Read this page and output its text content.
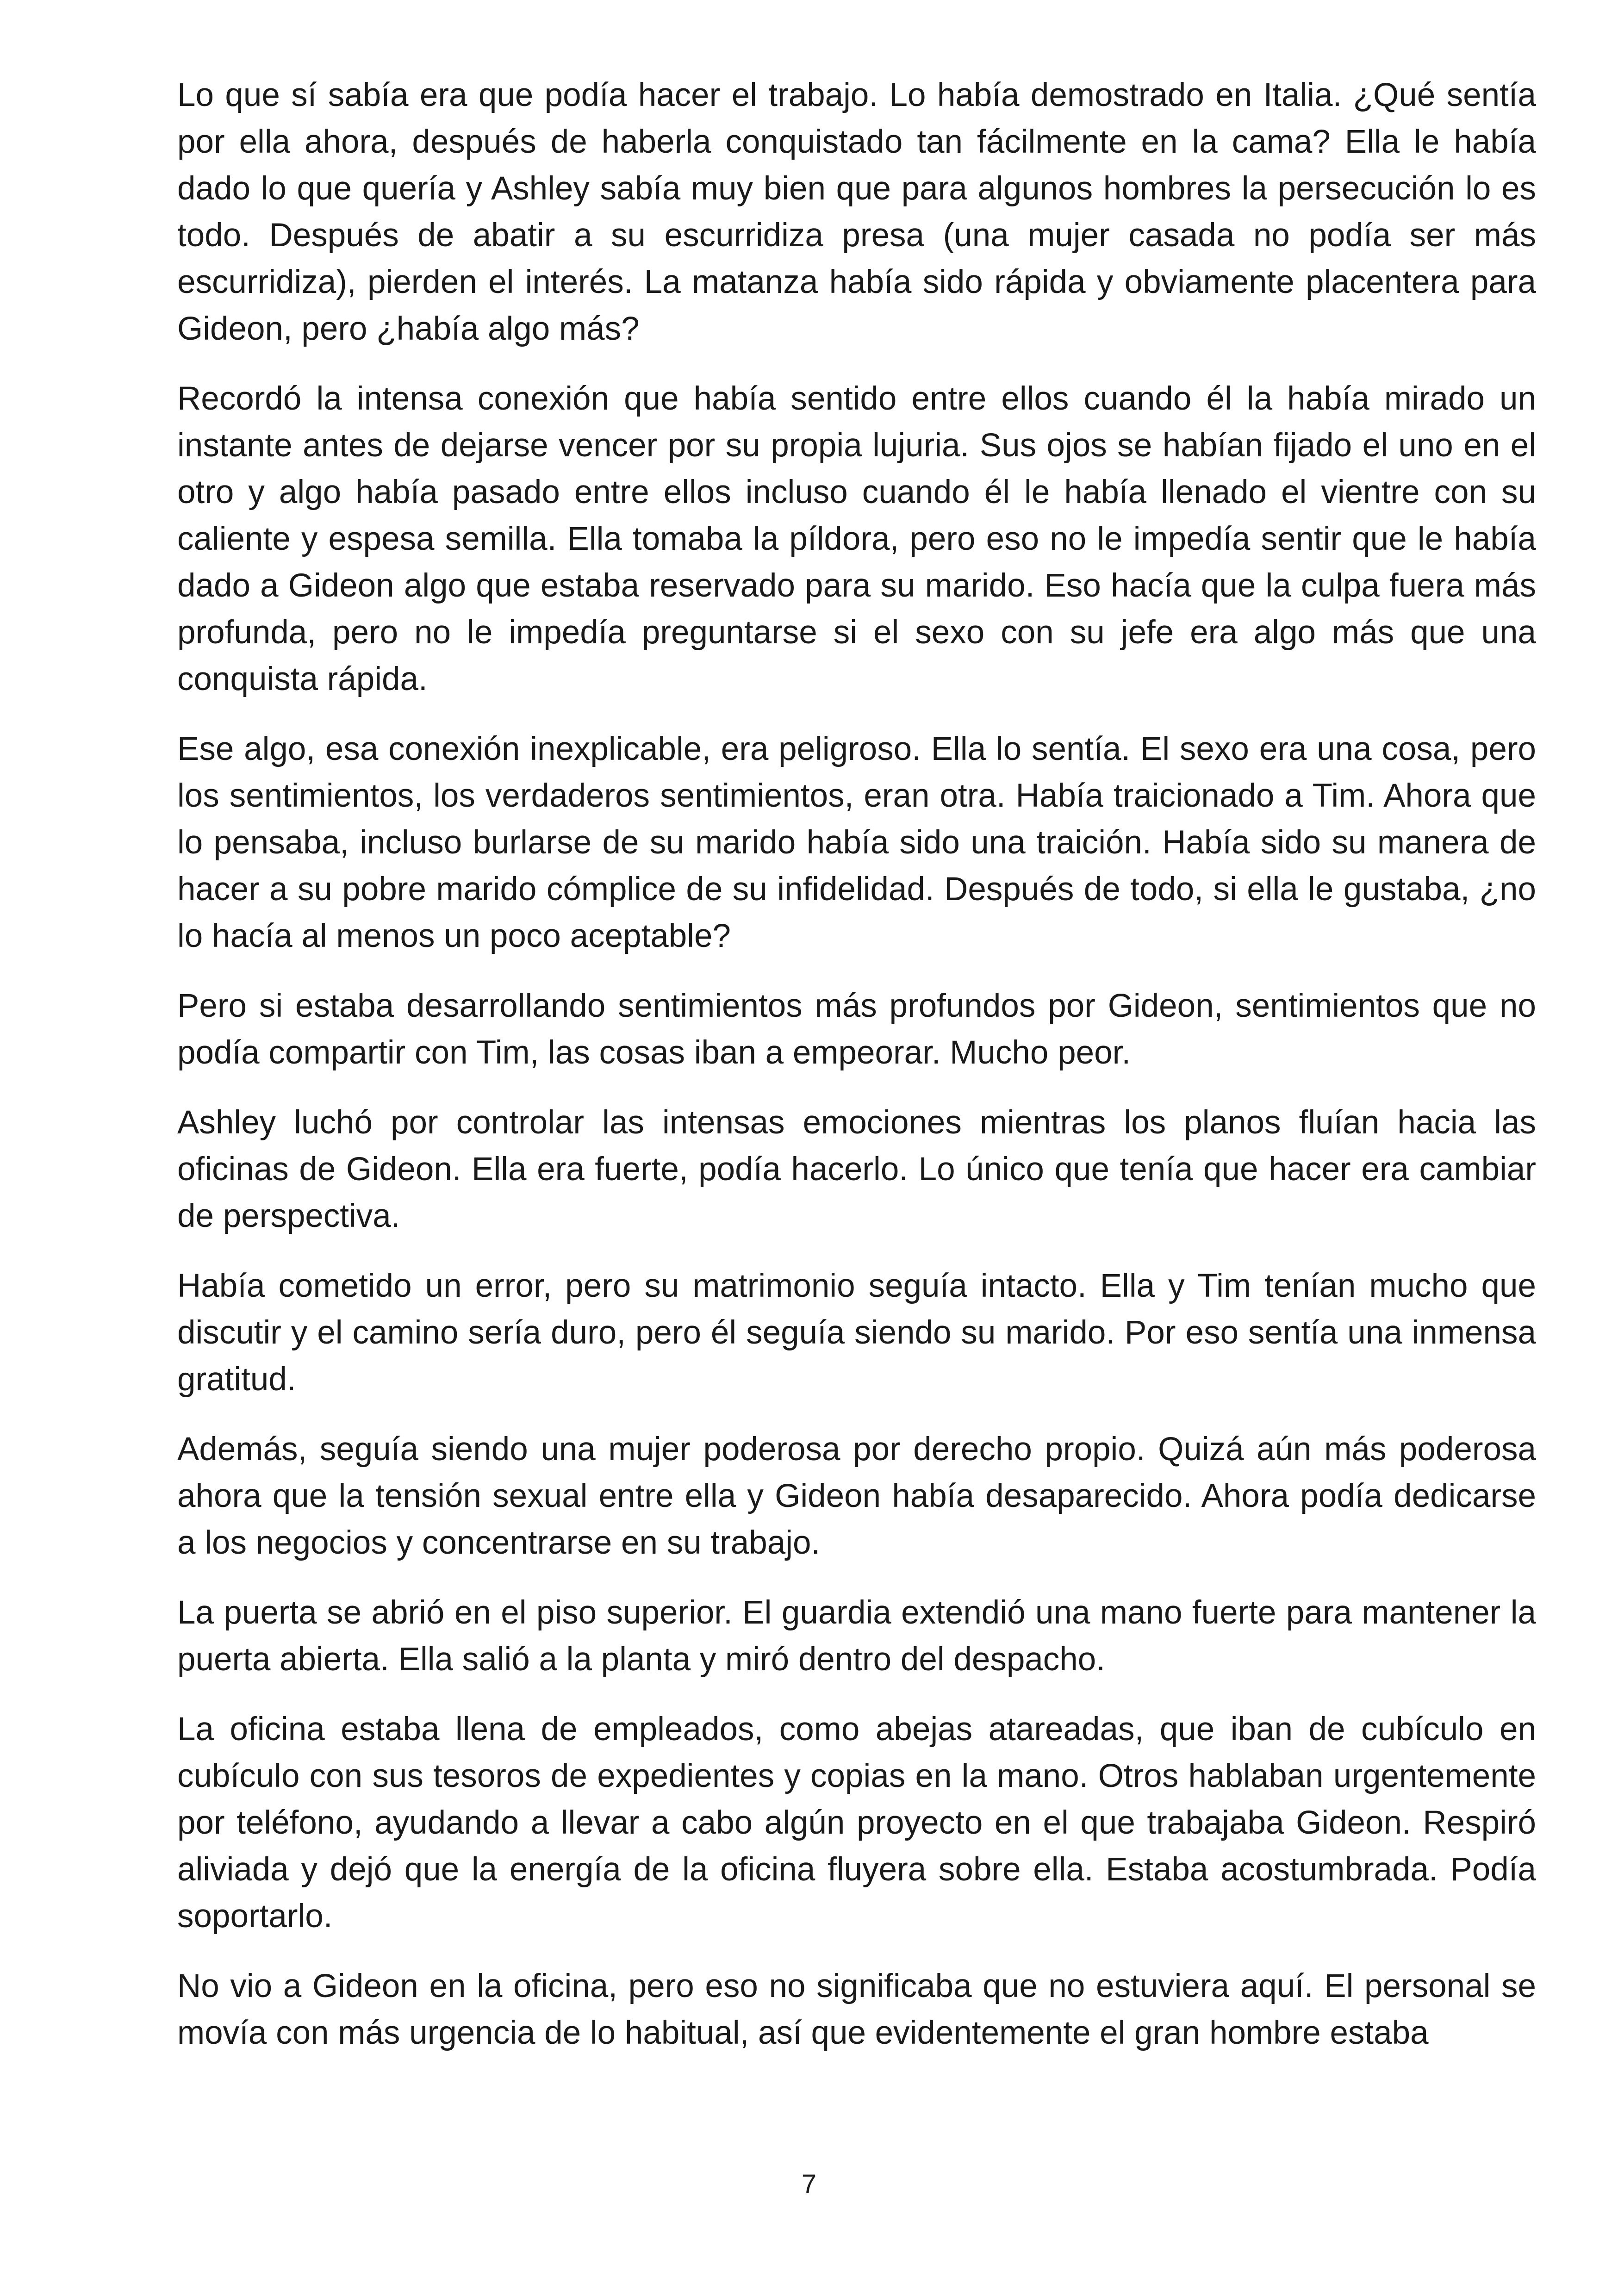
Lo que sí sabía era que podía hacer el trabajo. Lo había demostrado en Italia. ¿Qué sentía por ella ahora, después de haberla conquistado tan fácilmente en la cama? Ella le había dado lo que quería y Ashley sabía muy bien que para algunos hombres la persecución lo es todo. Después de abatir a su escurridiza presa (una mujer casada no podía ser más escurridiza), pierden el interés. La matanza había sido rápida y obviamente placentera para Gideon, pero ¿había algo más?

Recordó la intensa conexión que había sentido entre ellos cuando él la había mirado un instante antes de dejarse vencer por su propia lujuria. Sus ojos se habían fijado el uno en el otro y algo había pasado entre ellos incluso cuando él le había llenado el vientre con su caliente y espesa semilla. Ella tomaba la píldora, pero eso no le impedía sentir que le había dado a Gideon algo que estaba reservado para su marido. Eso hacía que la culpa fuera más profunda, pero no le impedía preguntarse si el sexo con su jefe era algo más que una conquista rápida.

Ese algo, esa conexión inexplicable, era peligroso. Ella lo sentía. El sexo era una cosa, pero los sentimientos, los verdaderos sentimientos, eran otra. Había traicionado a Tim. Ahora que lo pensaba, incluso burlarse de su marido había sido una traición. Había sido su manera de hacer a su pobre marido cómplice de su infidelidad. Después de todo, si ella le gustaba, ¿no lo hacía al menos un poco aceptable?

Pero si estaba desarrollando sentimientos más profundos por Gideon, sentimientos que no podía compartir con Tim, las cosas iban a empeorar. Mucho peor.

Ashley luchó por controlar las intensas emociones mientras los planos fluían hacia las oficinas de Gideon. Ella era fuerte, podía hacerlo. Lo único que tenía que hacer era cambiar de perspectiva.

Había cometido un error, pero su matrimonio seguía intacto. Ella y Tim tenían mucho que discutir y el camino sería duro, pero él seguía siendo su marido. Por eso sentía una inmensa gratitud.

Además, seguía siendo una mujer poderosa por derecho propio. Quizá aún más poderosa ahora que la tensión sexual entre ella y Gideon había desaparecido. Ahora podía dedicarse a los negocios y concentrarse en su trabajo.

La puerta se abrió en el piso superior. El guardia extendió una mano fuerte para mantener la puerta abierta. Ella salió a la planta y miró dentro del despacho.

La oficina estaba llena de empleados, como abejas atareadas, que iban de cubículo en cubículo con sus tesoros de expedientes y copias en la mano. Otros hablaban urgentemente por teléfono, ayudando a llevar a cabo algún proyecto en el que trabajaba Gideon. Respiró aliviada y dejó que la energía de la oficina fluyera sobre ella. Estaba acostumbrada. Podía soportarlo.

No vio a Gideon en la oficina, pero eso no significaba que no estuviera aquí. El personal se movía con más urgencia de lo habitual, así que evidentemente el gran hombre estaba

7
